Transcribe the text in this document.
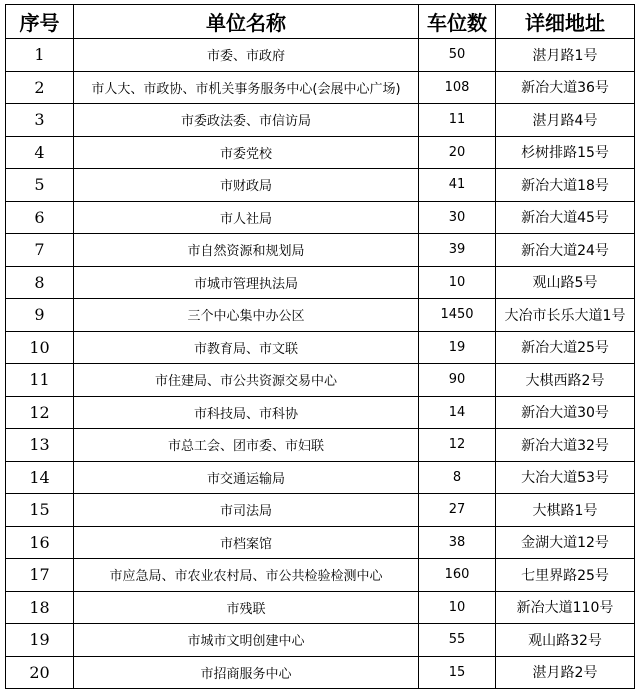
序号	单位名称	车位数	详细地址
1	市委、市政府	50	湛月路1号
2	市人大、市政协、市机关事务服务中心(会展中心广场)	108	新冶大道36号
3	市委政法委、市信访局	11	湛月路4号
4	市委党校	20	杉树排路15号
5	市财政局	41	新冶大道18号
6	市人社局	30	新冶大道45号
7	市自然资源和规划局	39	新冶大道24号
8	市城市管理执法局	10	观山路5号
9	三个中心集中办公区	1450	大冶市长乐大道1号
10	市教育局、市文联	19	新冶大道25号
11	市住建局、市公共资源交易中心	90	大棋西路2号
12	市科技局、市科协	14	新冶大道30号
13	市总工会、团市委、市妇联	12	新冶大道32号
14	市交通运输局	8	大冶大道53号
15	市司法局	27	大棋路1号
16	市档案馆	38	金湖大道12号
17	市应急局、市农业农村局、市公共检验检测中心	160	七里界路25号
18	市残联	10	新冶大道110号
19	市城市文明创建中心	55	观山路32号
20	市招商服务中心	15	湛月路2号
